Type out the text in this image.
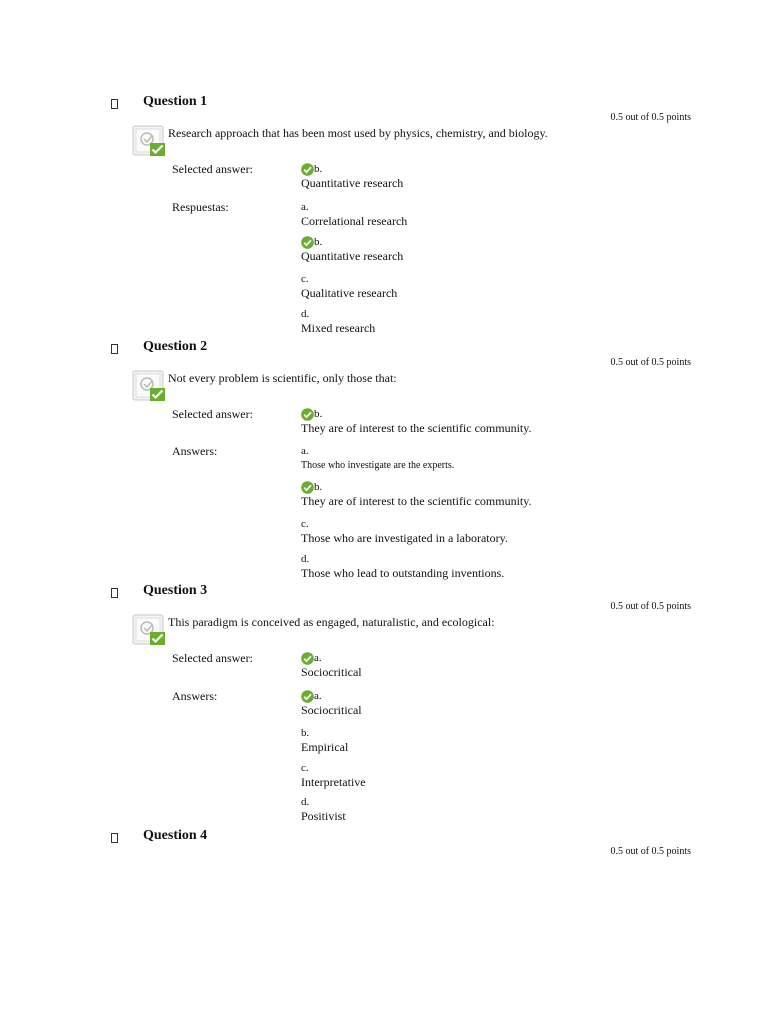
Question 1
0.5 out of 0.5 points
Research approach that has been most used by physics, chemistry, and biology.
Selected answer:	b.
Quantitative research
Respuestas:	a.
Correlational research
b.
Quantitative research
c.
Qualitative research
d.
Mixed research
Question 2
0.5 out of 0.5 points
Not every problem is scientific, only those that:
Selected answer:	b.
They are of interest to the scientific community.
Answers:	a.
Those who investigate are the experts.
b.
They are of interest to the scientific community.
c.
Those who are investigated in a laboratory.
d.
Those who lead to outstanding inventions.
Question 3
0.5 out of 0.5 points
This paradigm is conceived as engaged, naturalistic, and ecological:
Selected answer:	a.
Sociocritical
Answers:	a.
Sociocritical
b.
Empirical
c.
Interpretative
d.
Positivist
Question 4
0.5 out of 0.5 points
